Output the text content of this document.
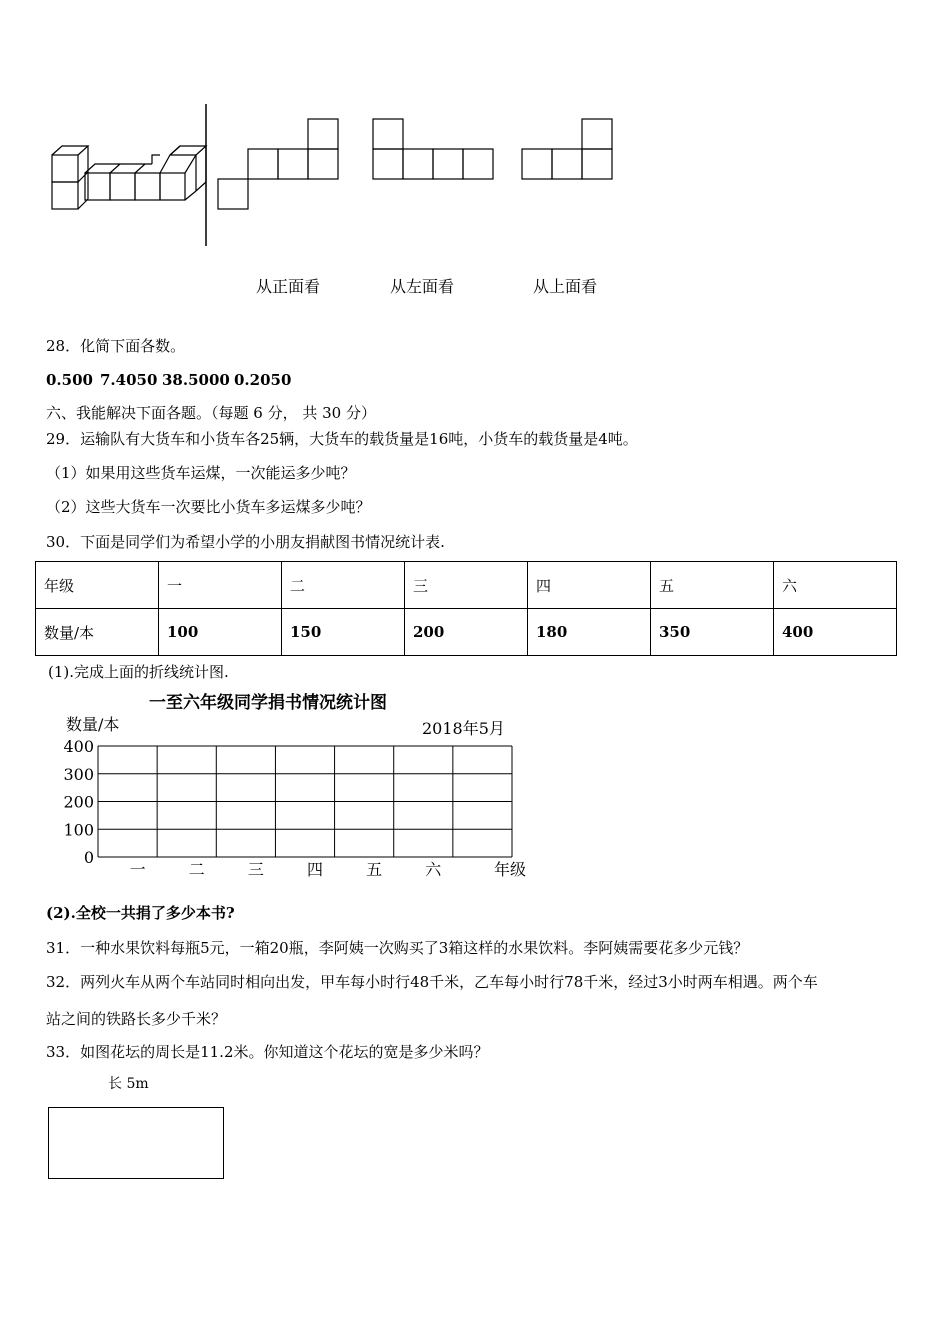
从正面看	从左面看	从上面看
28．化简下面各数。
0.500 7.4050 38.5000 0.2050
六、我能解决下面各题。（每题 6 分， 共 30 分）
29．运输队有大货车和小货车各25辆，大货车的载货量是16吨，小货车的载货量是4吨。
（1）如果用这些货车运煤，一次能运多少吨？
（2）这些大货车一次要比小货车多运煤多少吨？
30．下面是同学们为希望小学的小朋友捐献图书情况统计表.
年级	一	二	三	四	五	六
数量/本	100	150	200	180	350	400
(1).完成上面的折线统计图.
一至六年级同学捐书情况统计图
数量/本	2018年5月
年级
0
100
200
300
400
一	二	三	四	五	六
(2).全校一共捐了多少本书?
31．一种水果饮料每瓶5元，一箱20瓶，李阿姨一次购买了3箱这样的水果饮料。李阿姨需要花多少元钱？
32．两列火车从两个车站同时相向出发，甲车每小时行48千米，乙车每小时行78千米，经过3小时两车相遇。两个车
站之间的铁路长多少千米？
33．如图花坛的周长是11.2米。你知道这个花坛的宽是多少米吗？
长 5m
